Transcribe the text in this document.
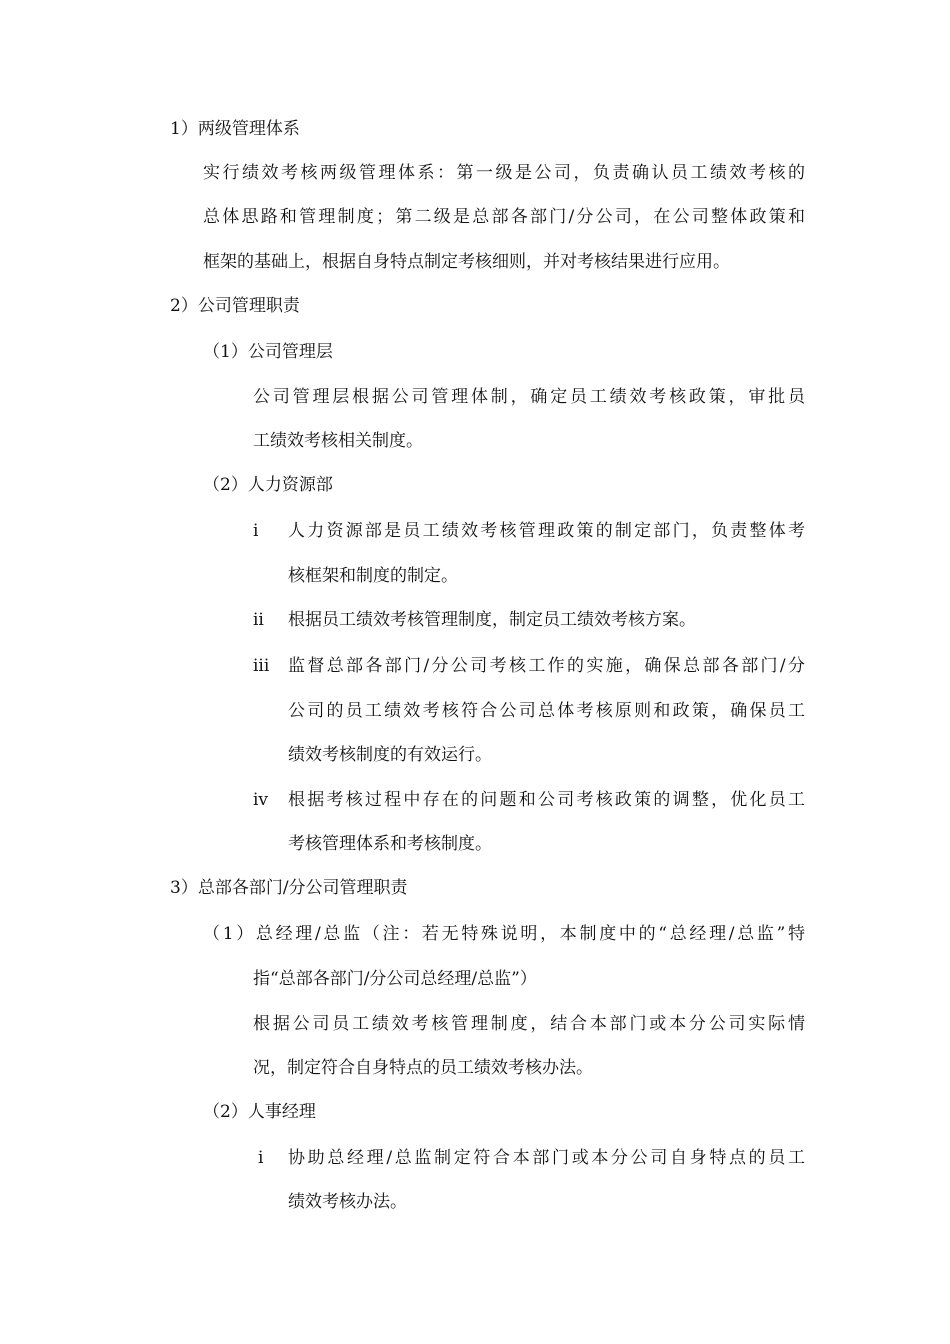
1）两级管理体系
实行绩效考核两级管理体系：第一级是公司，负责确认员工绩效考核的
总体思路和管理制度；第二级是总部各部门/分公司，在公司整体政策和
框架的基础上，根据自身特点制定考核细则，并对考核结果进行应用。
2）公司管理职责
（1）公司管理层
公司管理层根据公司管理体制，确定员工绩效考核政策，审批员
工绩效考核相关制度。
（2）人力资源部
i 人力资源部是员工绩效考核管理政策的制定部门，负责整体考
核框架和制度的制定。
ii 根据员工绩效考核管理制度，制定员工绩效考核方案。
iii 监督总部各部门/分公司考核工作的实施，确保总部各部门/分
公司的员工绩效考核符合公司总体考核原则和政策，确保员工
绩效考核制度的有效运行。
iv 根据考核过程中存在的问题和公司考核政策的调整，优化员工
考核管理体系和考核制度。
3）总部各部门/分公司管理职责
（1）总经理/总监（注：若无特殊说明，本制度中的“总经理/总监”特
指“总部各部门/分公司总经理/总监”）
根据公司员工绩效考核管理制度，结合本部门或本分公司实际情
况，制定符合自身特点的员工绩效考核办法。
（2）人事经理
i 协助总经理/总监制定符合本部门或本分公司自身特点的员工
绩效考核办法。
